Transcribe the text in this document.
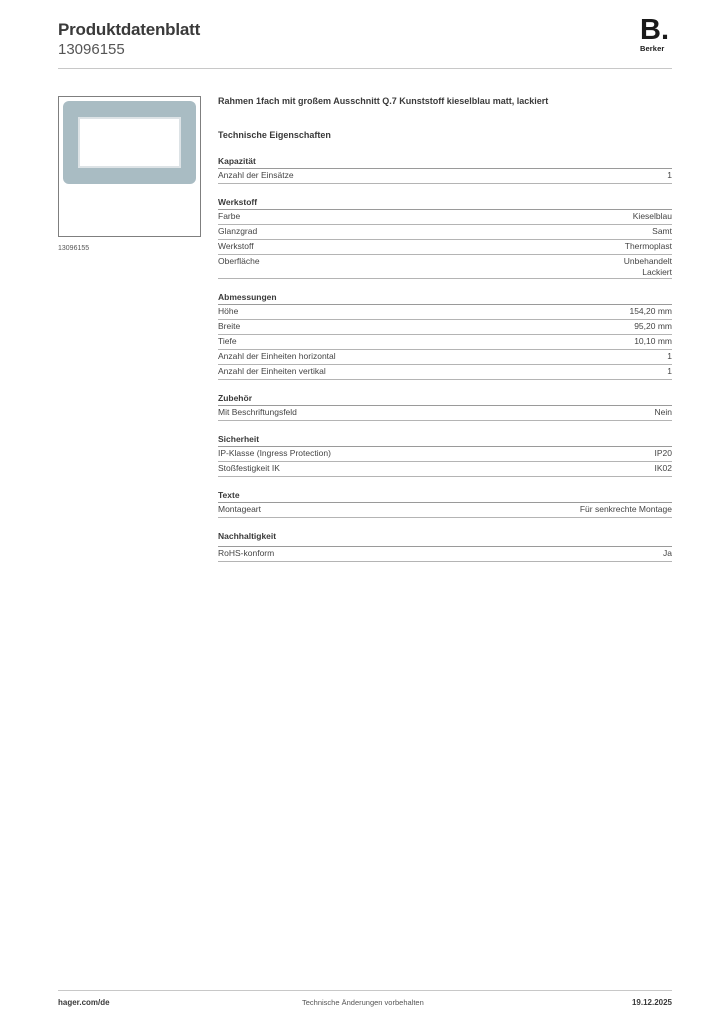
Produktdatenblatt
13096155
B.
Berker
13096155
Rahmen 1fach mit großem Ausschnitt Q.7 Kunststoff kieselblau matt, lackiert
Technische Eigenschaften
Kapazität
Anzahl der Einsätze	1
Werkstoff
Farbe	Kieselblau
Glanzgrad	Samt
Werkstoff	Thermoplast
Oberfläche	Unbehandelt
Lackiert
Abmessungen
Höhe	154,20 mm
Breite	95,20 mm
Tiefe	10,10 mm
Anzahl der Einheiten horizontal	1
Anzahl der Einheiten vertikal	1
Zubehör
Mit Beschriftungsfeld	Nein
Sicherheit
IP-Klasse (Ingress Protection)	IP20
Stoßfestigkeit IK	IK02
Texte
Montageart	Für senkrechte Montage
Nachhaltigkeit
RoHS-konform	Ja
hager.com/de	Technische Änderungen vorbehalten	19.12.2025
